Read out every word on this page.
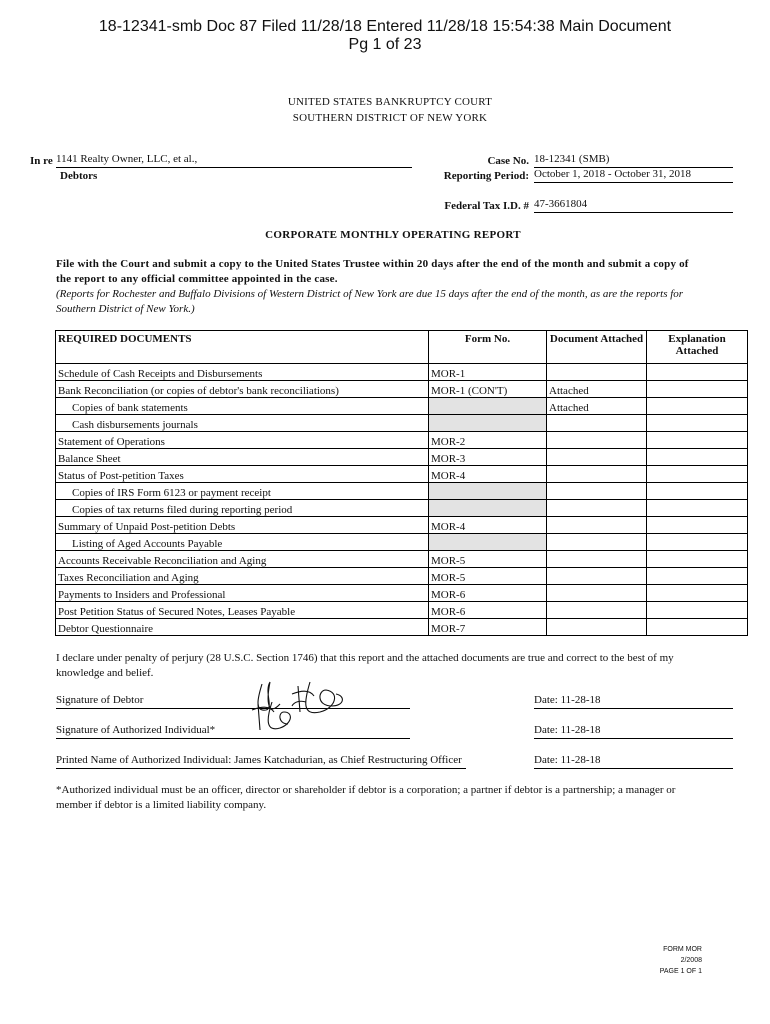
18-12341-smb Doc 87 Filed 11/28/18 Entered 11/28/18 15:54:38 Main Document
Pg 1 of 23
UNITED STATES BANKRUPTCY COURT
SOUTHERN DISTRICT OF NEW YORK
In re 1141 Realty Owner, LLC, et al.,
Debtors
Case No. 18-12341 (SMB)
Reporting Period: October 1, 2018 - October 31, 2018
Federal Tax I.D. # 47-3661804
CORPORATE MONTHLY OPERATING REPORT
File with the Court and submit a copy to the United States Trustee within 20 days after the end of the month and submit a copy of the report to any official committee appointed in the case.
(Reports for Rochester and Buffalo Divisions of Western District of New York are due 15 days after the end of the month, as are the reports for Southern District of New York.)
REQUIRED DOCUMENTS	Form No.	Document Attached	Explanation Attached
Schedule of Cash Receipts and Disbursements	MOR-1		
Bank Reconciliation (or copies of debtor's bank reconciliations)	MOR-1 (CON'T)	Attached	
Copies of bank statements		Attached	
Cash disbursements journals			
Statement of Operations	MOR-2		
Balance Sheet	MOR-3		
Status of Post-petition Taxes	MOR-4		
Copies of IRS Form 6123 or payment receipt			
Copies of tax returns filed during reporting period			
Summary of Unpaid Post-petition Debts	MOR-4		
Listing of Aged Accounts Payable			
Accounts Receivable Reconciliation and Aging	MOR-5		
Taxes Reconciliation and Aging	MOR-5		
Payments to Insiders and Professional	MOR-6		
Post Petition Status of Secured Notes, Leases Payable	MOR-6		
Debtor Questionnaire	MOR-7		
I declare under penalty of perjury (28 U.S.C. Section 1746) that this report and the attached documents are true and correct to the best of my knowledge and belief.
Signature of Debtor	Date: 11-28-18
Signature of Authorized Individual*	Date: 11-28-18
Printed Name of Authorized Individual: James Katchadurian, as Chief Restructuring Officer	Date: 11-28-18
*Authorized individual must be an officer, director or shareholder if debtor is a corporation; a partner if debtor is a partnership; a manager or member if debtor is a limited liability company.
FORM MOR
2/2008
PAGE 1 OF 1
